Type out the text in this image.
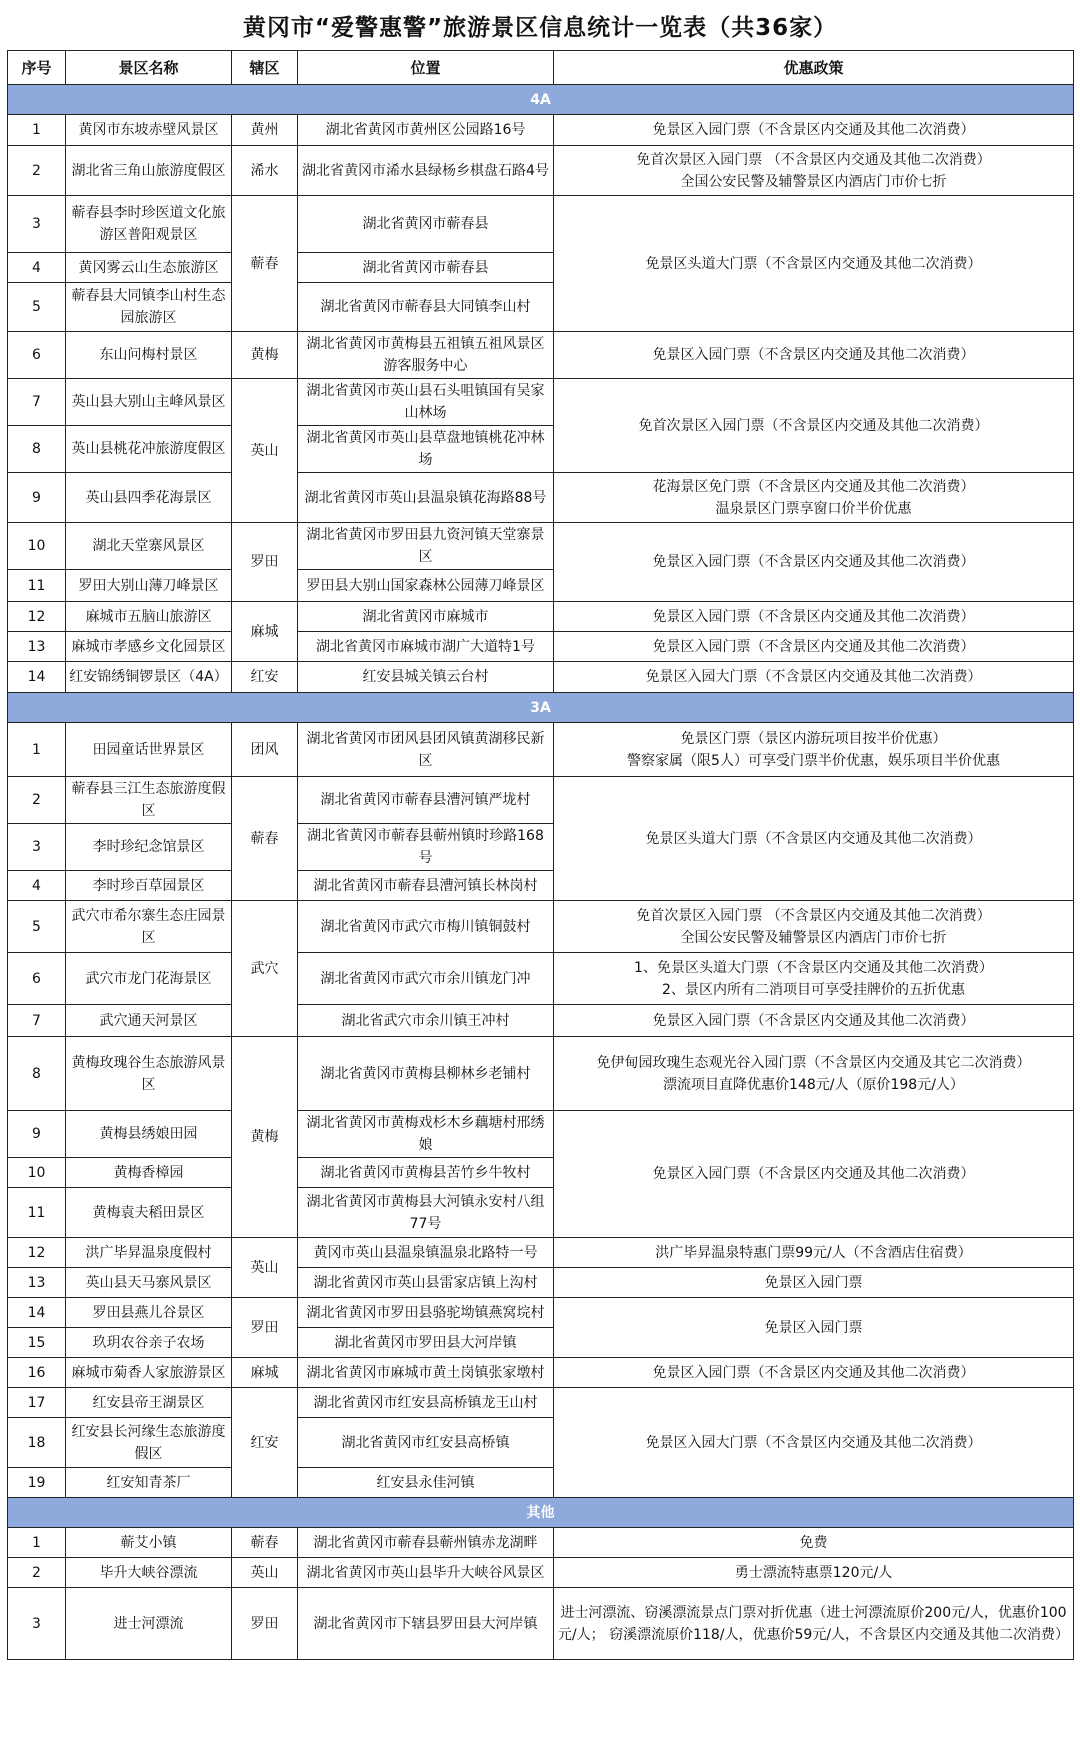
黄冈市“爱警惠警”旅游景区信息统计一览表（共36家）
序号	景区名称	辖区	位置	优惠政策
4A				
1	黄冈市东坡赤壁风景区	黄州	湖北省黄冈市黄州区公园路16号	免景区入园门票（不含景区内交通及其他二次消费）
2	湖北省三角山旅游度假区	浠水	湖北省黄冈市浠水县绿杨乡棋盘石路4号	免首次景区入园门票 （不含景区内交通及其他二次消费）
全国公安民警及辅警景区内酒店门市价七折
3	蕲春县李时珍医道文化旅游区普阳观景区	蕲春	湖北省黄冈市蕲春县	免景区头道大门票（不含景区内交通及其他二次消费）
4	黄冈雾云山生态旅游区		湖北省黄冈市蕲春县	
5	蕲春县大同镇李山村生态园旅游区		湖北省黄冈市蕲春县大同镇李山村	
6	东山问梅村景区	黄梅	湖北省黄冈市黄梅县五祖镇五祖风景区游客服务中心	免景区入园门票（不含景区内交通及其他二次消费）
7	英山县大别山主峰风景区	英山	湖北省黄冈市英山县石头咀镇国有吴家山林场	免首次景区入园门票（不含景区内交通及其他二次消费）
8	英山县桃花冲旅游度假区		湖北省黄冈市英山县草盘地镇桃花冲林场	
9	英山县四季花海景区		湖北省黄冈市英山县温泉镇花海路88号	花海景区免门票（不含景区内交通及其他二次消费）
温泉景区门票享窗口价半价优惠
10	湖北天堂寨风景区	罗田	湖北省黄冈市罗田县九资河镇天堂寨景区	免景区入园门票（不含景区内交通及其他二次消费）
11	罗田大别山薄刀峰景区		罗田县大别山国家森林公园薄刀峰景区	
12	麻城市五脑山旅游区	麻城	湖北省黄冈市麻城市	免景区入园门票（不含景区内交通及其他二次消费）
13	麻城市孝感乡文化园景区		湖北省黄冈市麻城市湖广大道特1号	免景区入园门票（不含景区内交通及其他二次消费）
14	红安锦绣铜锣景区（4A）	红安	红安县城关镇云台村	免景区入园大门票（不含景区内交通及其他二次消费）
3A				
1	田园童话世界景区	团风	湖北省黄冈市团风县团风镇黄湖移民新区	免景区门票（景区内游玩项目按半价优惠）
警察家属（限5人）可享受门票半价优惠，娱乐项目半价优惠
2	蕲春县三江生态旅游度假区	蕲春	湖北省黄冈市蕲春县漕河镇严垅村	免景区头道大门票（不含景区内交通及其他二次消费）
3	李时珍纪念馆景区		湖北省黄冈市蕲春县蕲州镇时珍路168号	
4	李时珍百草园景区		湖北省黄冈市蕲春县漕河镇长林岗村	
5	武穴市希尔寨生态庄园景区	武穴	湖北省黄冈市武穴市梅川镇铜鼓村	免首次景区入园门票 （不含景区内交通及其他二次消费）
全国公安民警及辅警景区内酒店门市价七折
6	武穴市龙门花海景区		湖北省黄冈市武穴市余川镇龙门冲	1、免景区头道大门票（不含景区内交通及其他二次消费）
2、景区内所有二消项目可享受挂牌价的五折优惠
7	武穴通天河景区		湖北省武穴市余川镇王冲村	免景区入园门票（不含景区内交通及其他二次消费）
8	黄梅玫瑰谷生态旅游风景区	黄梅	湖北省黄冈市黄梅县柳林乡老铺村	免伊甸园玫瑰生态观光谷入园门票（不含景区内交通及其它二次消费）
漂流项目直降优惠价148元/人（原价198元/人）
9	黄梅县绣娘田园		湖北省黄冈市黄梅戏杉木乡藕塘村邢绣娘	免景区入园门票（不含景区内交通及其他二次消费）
10	黄梅香樟园		湖北省黄冈市黄梅县苦竹乡牛牧村	
11	黄梅袁夫稻田景区		湖北省黄冈市黄梅县大河镇永安村八组77号	
12	洪广毕昇温泉度假村	英山	黄冈市英山县温泉镇温泉北路特一号	洪广毕昇温泉特惠门票99元/人（不含酒店住宿费）
13	英山县天马寨风景区		湖北省黄冈市英山县雷家店镇上沟村	免景区入园门票
14	罗田县燕儿谷景区	罗田	湖北省黄冈市罗田县骆驼坳镇燕窝垸村	免景区入园门票
15	玖玥农谷亲子农场		湖北省黄冈市罗田县大河岸镇	
16	麻城市菊香人家旅游景区	麻城	湖北省黄冈市麻城市黄土岗镇张家墩村	免景区入园门票（不含景区内交通及其他二次消费）
17	红安县帝王湖景区	红安	湖北省黄冈市红安县高桥镇龙王山村	免景区入园大门票（不含景区内交通及其他二次消费）
18	红安县长河缘生态旅游度假区		湖北省黄冈市红安县高桥镇	
19	红安知青茶厂		红安县永佳河镇	
其他				
1	蕲艾小镇	蕲春	湖北省黄冈市蕲春县蕲州镇赤龙湖畔	免费
2	毕升大峡谷漂流	英山	湖北省黄冈市英山县毕升大峡谷风景区	勇士漂流特惠票120元/人
3	进士河漂流	罗田	湖北省黄冈市下辖县罗田县大河岸镇	进士河漂流、窃溪漂流景点门票对折优惠（进士河漂流原价200元/人，优惠价100元/人； 窃溪漂流原价118/人，优惠价59元/人，不含景区内交通及其他二次消费）
